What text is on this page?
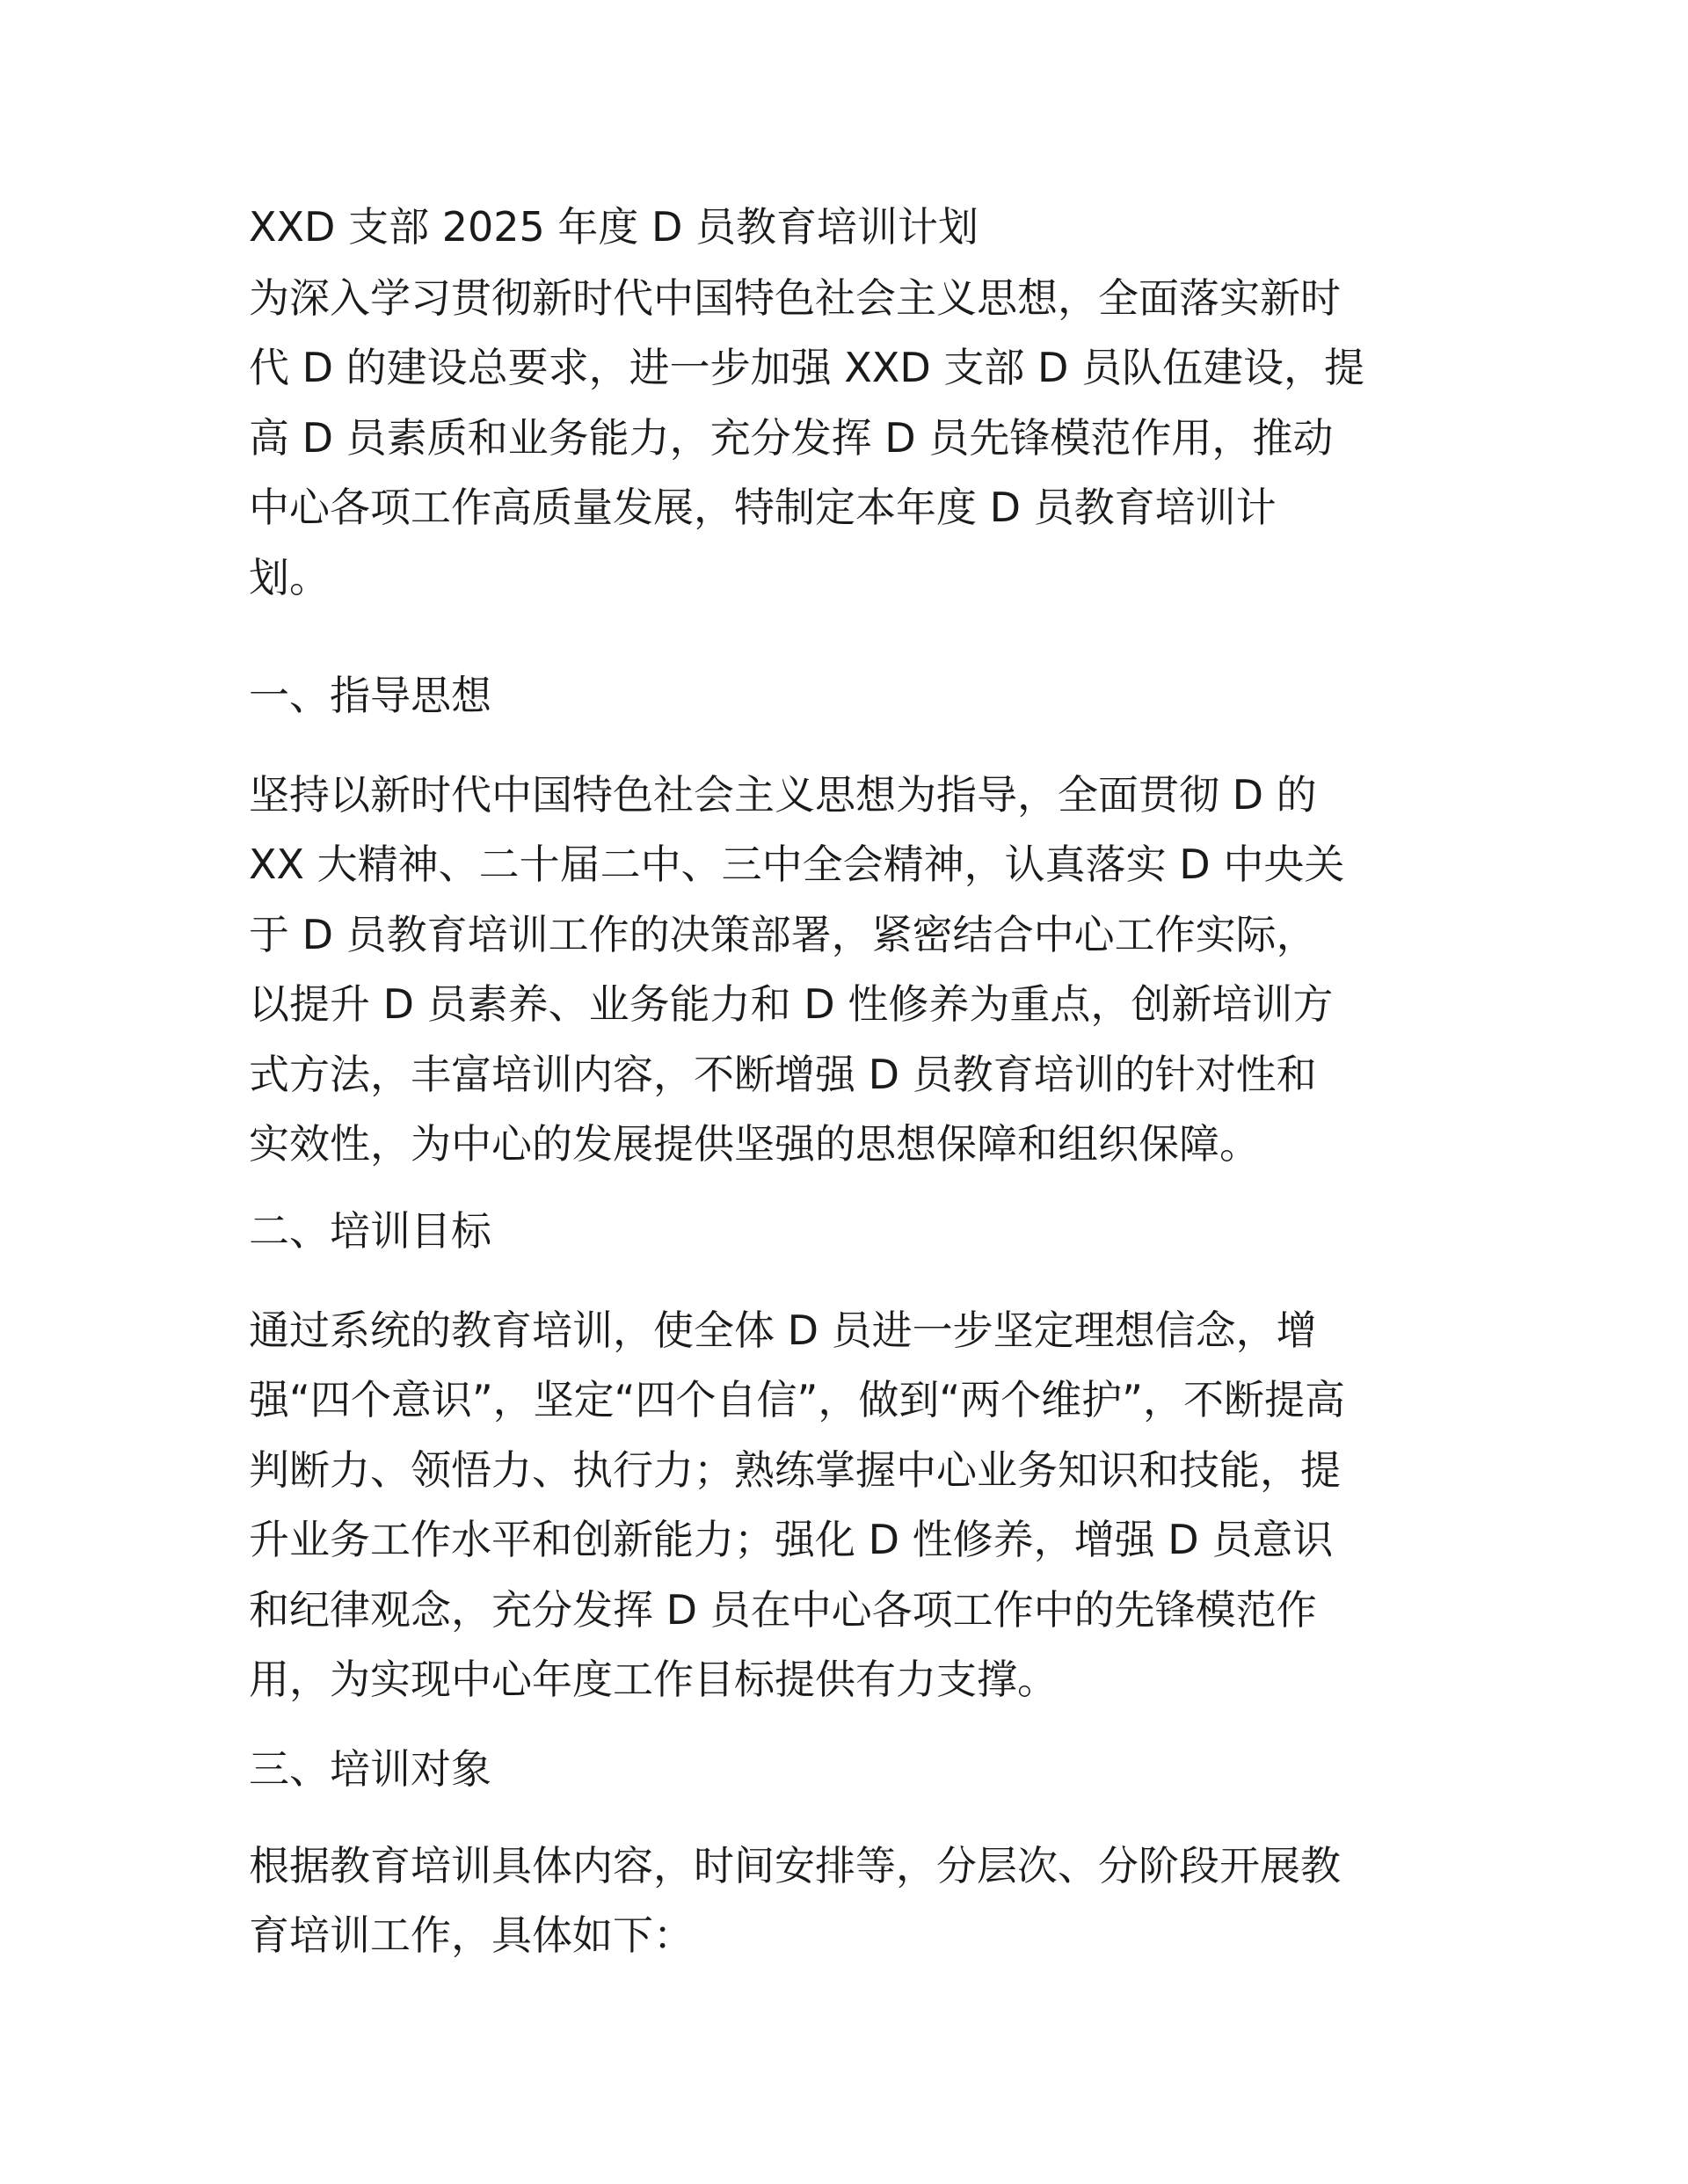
XXD 支部 2025 年度 D 员教育培训计划
为深入学习贯彻新时代中国特色社会主义思想，全面落实新时
代 D 的建设总要求，进一步加强 XXD 支部 D 员队伍建设，提
高 D 员素质和业务能力，充分发挥 D 员先锋模范作用，推动
中心各项工作高质量发展，特制定本年度 D 员教育培训计
划。
一、指导思想
坚持以新时代中国特色社会主义思想为指导，全面贯彻 D 的
XX 大精神、二十届二中、三中全会精神，认真落实 D 中央关
于 D 员教育培训工作的决策部署，紧密结合中心工作实际，
以提升 D 员素养、业务能力和 D 性修养为重点，创新培训方
式方法，丰富培训内容，不断增强 D 员教育培训的针对性和
实效性，为中心的发展提供坚强的思想保障和组织保障。
二、培训目标
通过系统的教育培训，使全体 D 员进一步坚定理想信念，增
强“四个意识”，坚定“四个自信”，做到“两个维护”，不断提高
判断力、领悟力、执行力；熟练掌握中心业务知识和技能，提
升业务工作水平和创新能力；强化 D 性修养，增强 D 员意识
和纪律观念，充分发挥 D 员在中心各项工作中的先锋模范作
用，为实现中心年度工作目标提供有力支撑。
三、培训对象
根据教育培训具体内容，时间安排等，分层次、分阶段开展教
育培训工作，具体如下：
